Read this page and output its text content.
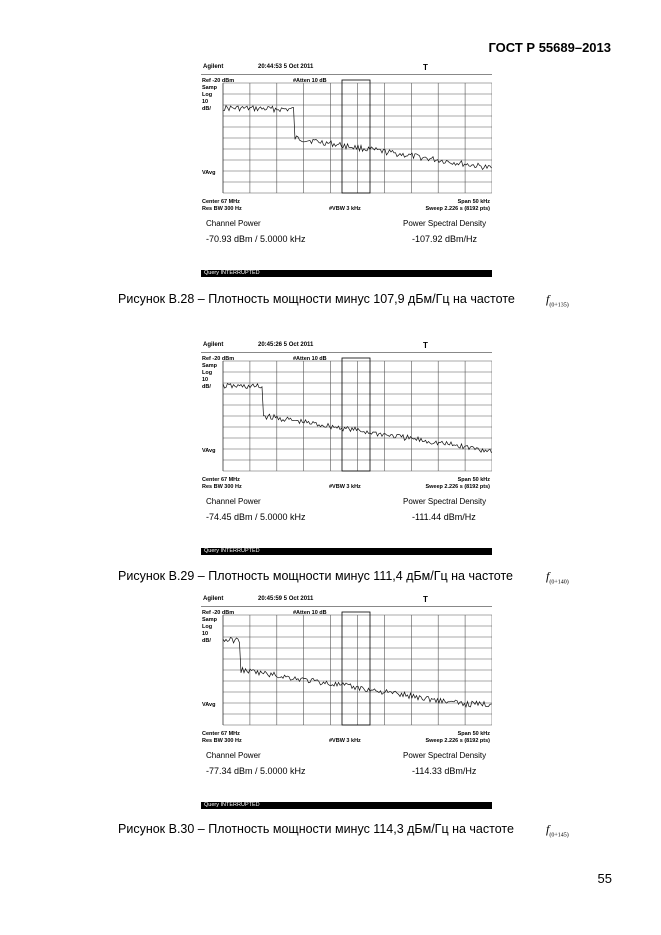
ГОСТ Р 55689–2013
Agilent	20:44:53 5 Oct 2011	T
Ref -20 dBm	#Atten 10 dB
Samp
Log
10
dB/
VAvg
Center 67 MHz	Span 50 kHz
Res BW 300 Hz	#VBW 3 kHz	Sweep 2.226 s (8192 pts)
Channel Power	Power Spectral Density
-70.93 dBm / 5.0000 kHz	-107.92 dBm/Hz
Query INTERRUPTED
Рисунок В.28 – Плотность мощности минус 107,9 дБм/Гц на частоте	$f_{(0+135)}$
Agilent	20:45:26 5 Oct 2011	T
Ref -20 dBm	#Atten 10 dB
Samp
Log
10
dB/
VAvg
Center 67 MHz	Span 50 kHz
Res BW 300 Hz	#VBW 3 kHz	Sweep 2.226 s (8192 pts)
Channel Power	Power Spectral Density
-74.45 dBm / 5.0000 kHz	-111.44 dBm/Hz
Query INTERRUPTED
Рисунок В.29 – Плотность мощности минус 111,4 дБм/Гц на частоте	$f_{(0+140)}$
Agilent	20:45:59 5 Oct 2011	T
Ref -20 dBm	#Atten 10 dB
Samp
Log
10
dB/
VAvg
Center 67 MHz	Span 50 kHz
Res BW 300 Hz	#VBW 3 kHz	Sweep 2.226 s (8192 pts)
Channel Power	Power Spectral Density
-77.34 dBm / 5.0000 kHz	-114.33 dBm/Hz
Query INTERRUPTED
Рисунок В.30 – Плотность мощности минус 114,3 дБм/Гц на частоте	$f_{(0+145)}$
55
